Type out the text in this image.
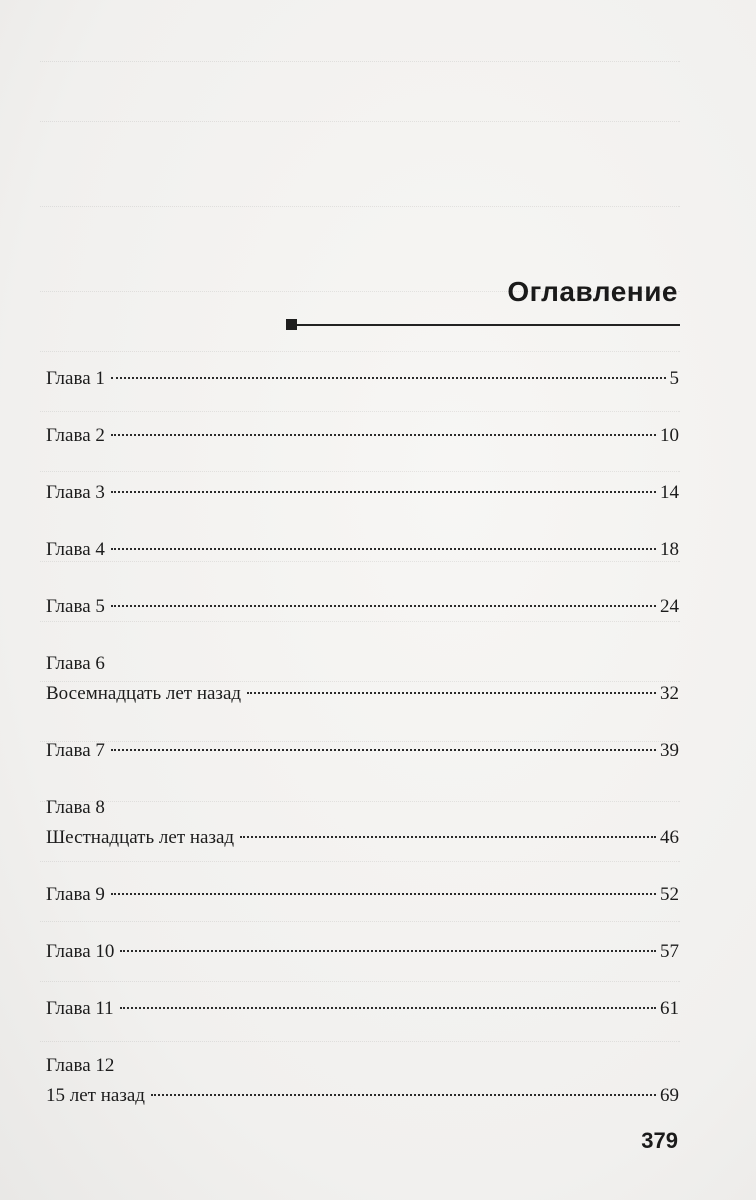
Оглавление
Глава 1	5
Глава 2	10
Глава 3	14
Глава 4	18
Глава 5	24
Глава 6
Восемнадцать лет назад	32
Глава 7	39
Глава 8
Шестнадцать лет назад	46
Глава 9	52
Глава 10	57
Глава 11	61
Глава 12
15 лет назад	69
379
